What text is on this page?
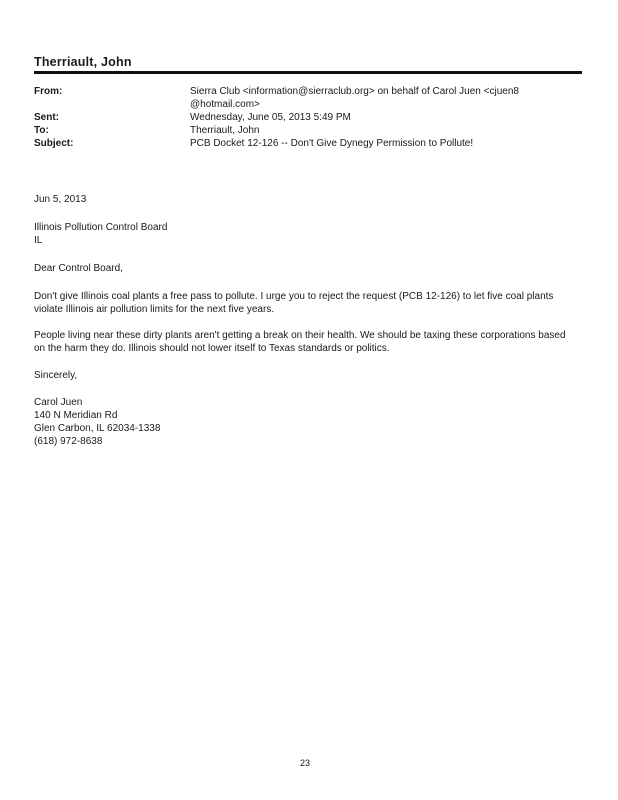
Therriault, John
From:	Sierra Club <information@sierraclub.org> on behalf of Carol Juen <cjuen8
@hotmail.com>
Sent:	Wednesday, June 05, 2013 5:49 PM
To:	Therriault, John
Subject:	PCB Docket 12-126 -- Don't Give Dynegy Permission to Pollute!
Jun 5, 2013
Illinois Pollution Control Board
IL
Dear Control Board,
Don't give Illinois coal plants a free pass to pollute. I urge you to reject the request (PCB 12-126) to let five coal plants
violate Illinois air pollution limits for the next five years.
People living near these dirty plants aren't getting a break on their health. We should be taxing these corporations based
on the harm they do. Illinois should not lower itself to Texas standards or politics.
Sincerely,
Carol Juen
140 N Meridian Rd
Glen Carbon, IL 62034-1338
(618) 972-8638
23
